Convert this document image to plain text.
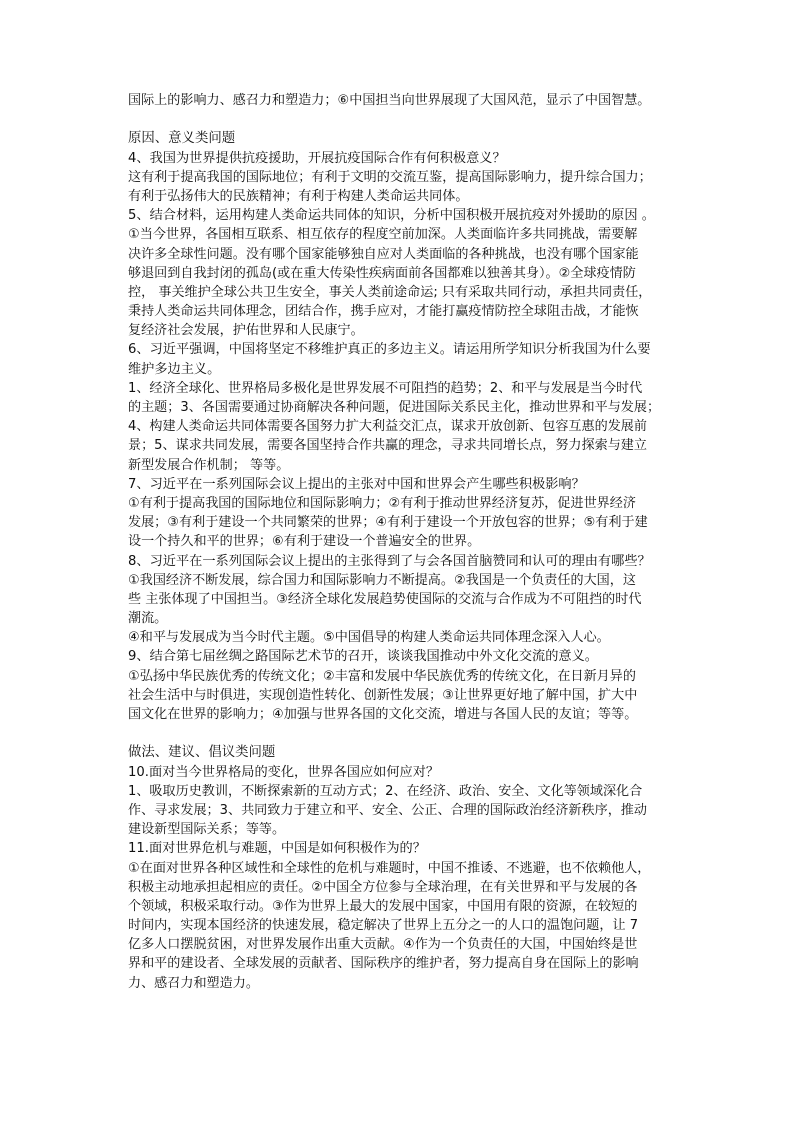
国际上的影响力、感召力和塑造力；⑥中国担当向世界展现了大国风范，显示了中国智慧。
原因、意义类问题
4、我国为世界提供抗疫援助，开展抗疫国际合作有何积极意义？
这有利于提高我国的国际地位；有利于文明的交流互鉴，提高国际影响力，提升综合国力；
有利于弘扬伟大的民族精神；有利于构建人类命运共同体。
5、结合材料，运用构建人类命运共同体的知识，分析中国积极开展抗疫对外援助的原因 。
①当今世界，各国相互联系、相互依存的程度空前加深。人类面临许多共同挑战，需要解
决许多全球性问题。没有哪个国家能够独自应对人类面临的各种挑战，也没有哪个国家能
够退回到自我封闭的孤岛(或在重大传染性疾病面前各国都难以独善其身）。②全球疫情防
控， 事关维护全球公共卫生安全，事关人类前途命运; 只有采取共同行动，承担共同责任，
秉持人类命运共同体理念，团结合作，携手应对，才能打赢疫情防控全球阻击战，才能恢
复经济社会发展，护佑世界和人民康宁。
6、习近平强调，中国将坚定不移维护真正的多边主义。请运用所学知识分析我国为什么要
维护多边主义。
1、经济全球化、世界格局多极化是世界发展不可阻挡的趋势；2、和平与发展是当今时代
的主题；3、各国需要通过协商解决各种问题，促进国际关系民主化，推动世界和平与发展；
4、构建人类命运共同体需要各国努力扩大利益交汇点，谋求开放创新、包容互惠的发展前
景；5、谋求共同发展，需要各国坚持合作共赢的理念，寻求共同增长点，努力探索与建立
新型发展合作机制； 等等。
7、习近平在一系列国际会议上提出的主张对中国和世界会产生哪些积极影响？
①有利于提高我国的国际地位和国际影响力；②有利于推动世界经济复苏，促进世界经济
发展；③有利于建设一个共同繁荣的世界；④有利于建设一个开放包容的世界；⑤有利于建
设一个持久和平的世界；⑥有利于建设一个普遍安全的世界。
8、习近平在一系列国际会议上提出的主张得到了与会各国首脑赞同和认可的理由有哪些？
①我国经济不断发展，综合国力和国际影响力不断提高。②我国是一个负责任的大国，这
些 主张体现了中国担当。③经济全球化发展趋势使国际的交流与合作成为不可阻挡的时代
潮流。
④和平与发展成为当今时代主题。⑤中国倡导的构建人类命运共同体理念深入人心。
9、结合第七届丝绸之路国际艺术节的召开，谈谈我国推动中外文化交流的意义。
①弘扬中华民族优秀的传统文化；②丰富和发展中华民族优秀的传统文化，在日新月异的
社会生活中与时俱进，实现创造性转化、创新性发展；③让世界更好地了解中国，扩大中
国文化在世界的影响力；④加强与世界各国的文化交流，增进与各国人民的友谊；等等。
做法、建议、倡议类问题
10.面对当今世界格局的变化，世界各国应如何应对？
1、吸取历史教训，不断探索新的互动方式；2、在经济、政治、安全、文化等领域深化合
作、寻求发展；3、共同致力于建立和平、安全、公正、合理的国际政治经济新秩序，推动
建设新型国际关系；等等。
11.面对世界危机与难题，中国是如何积极作为的？
①在面对世界各种区域性和全球性的危机与难题时，中国不推诿、不逃避，也不依赖他人，
积极主动地承担起相应的责任。②中国全方位参与全球治理，在有关世界和平与发展的各
个领域，积极采取行动。③作为世界上最大的发展中国家，中国用有限的资源，在较短的
时间内，实现本国经济的快速发展，稳定解决了世界上五分之一的人口的温饱问题，让 7
亿多人口摆脱贫困，对世界发展作出重大贡献。④作为一个负责任的大国，中国始终是世
界和平的建设者、全球发展的贡献者、国际秩序的维护者，努力提高自身在国际上的影响
力、感召力和塑造力。
